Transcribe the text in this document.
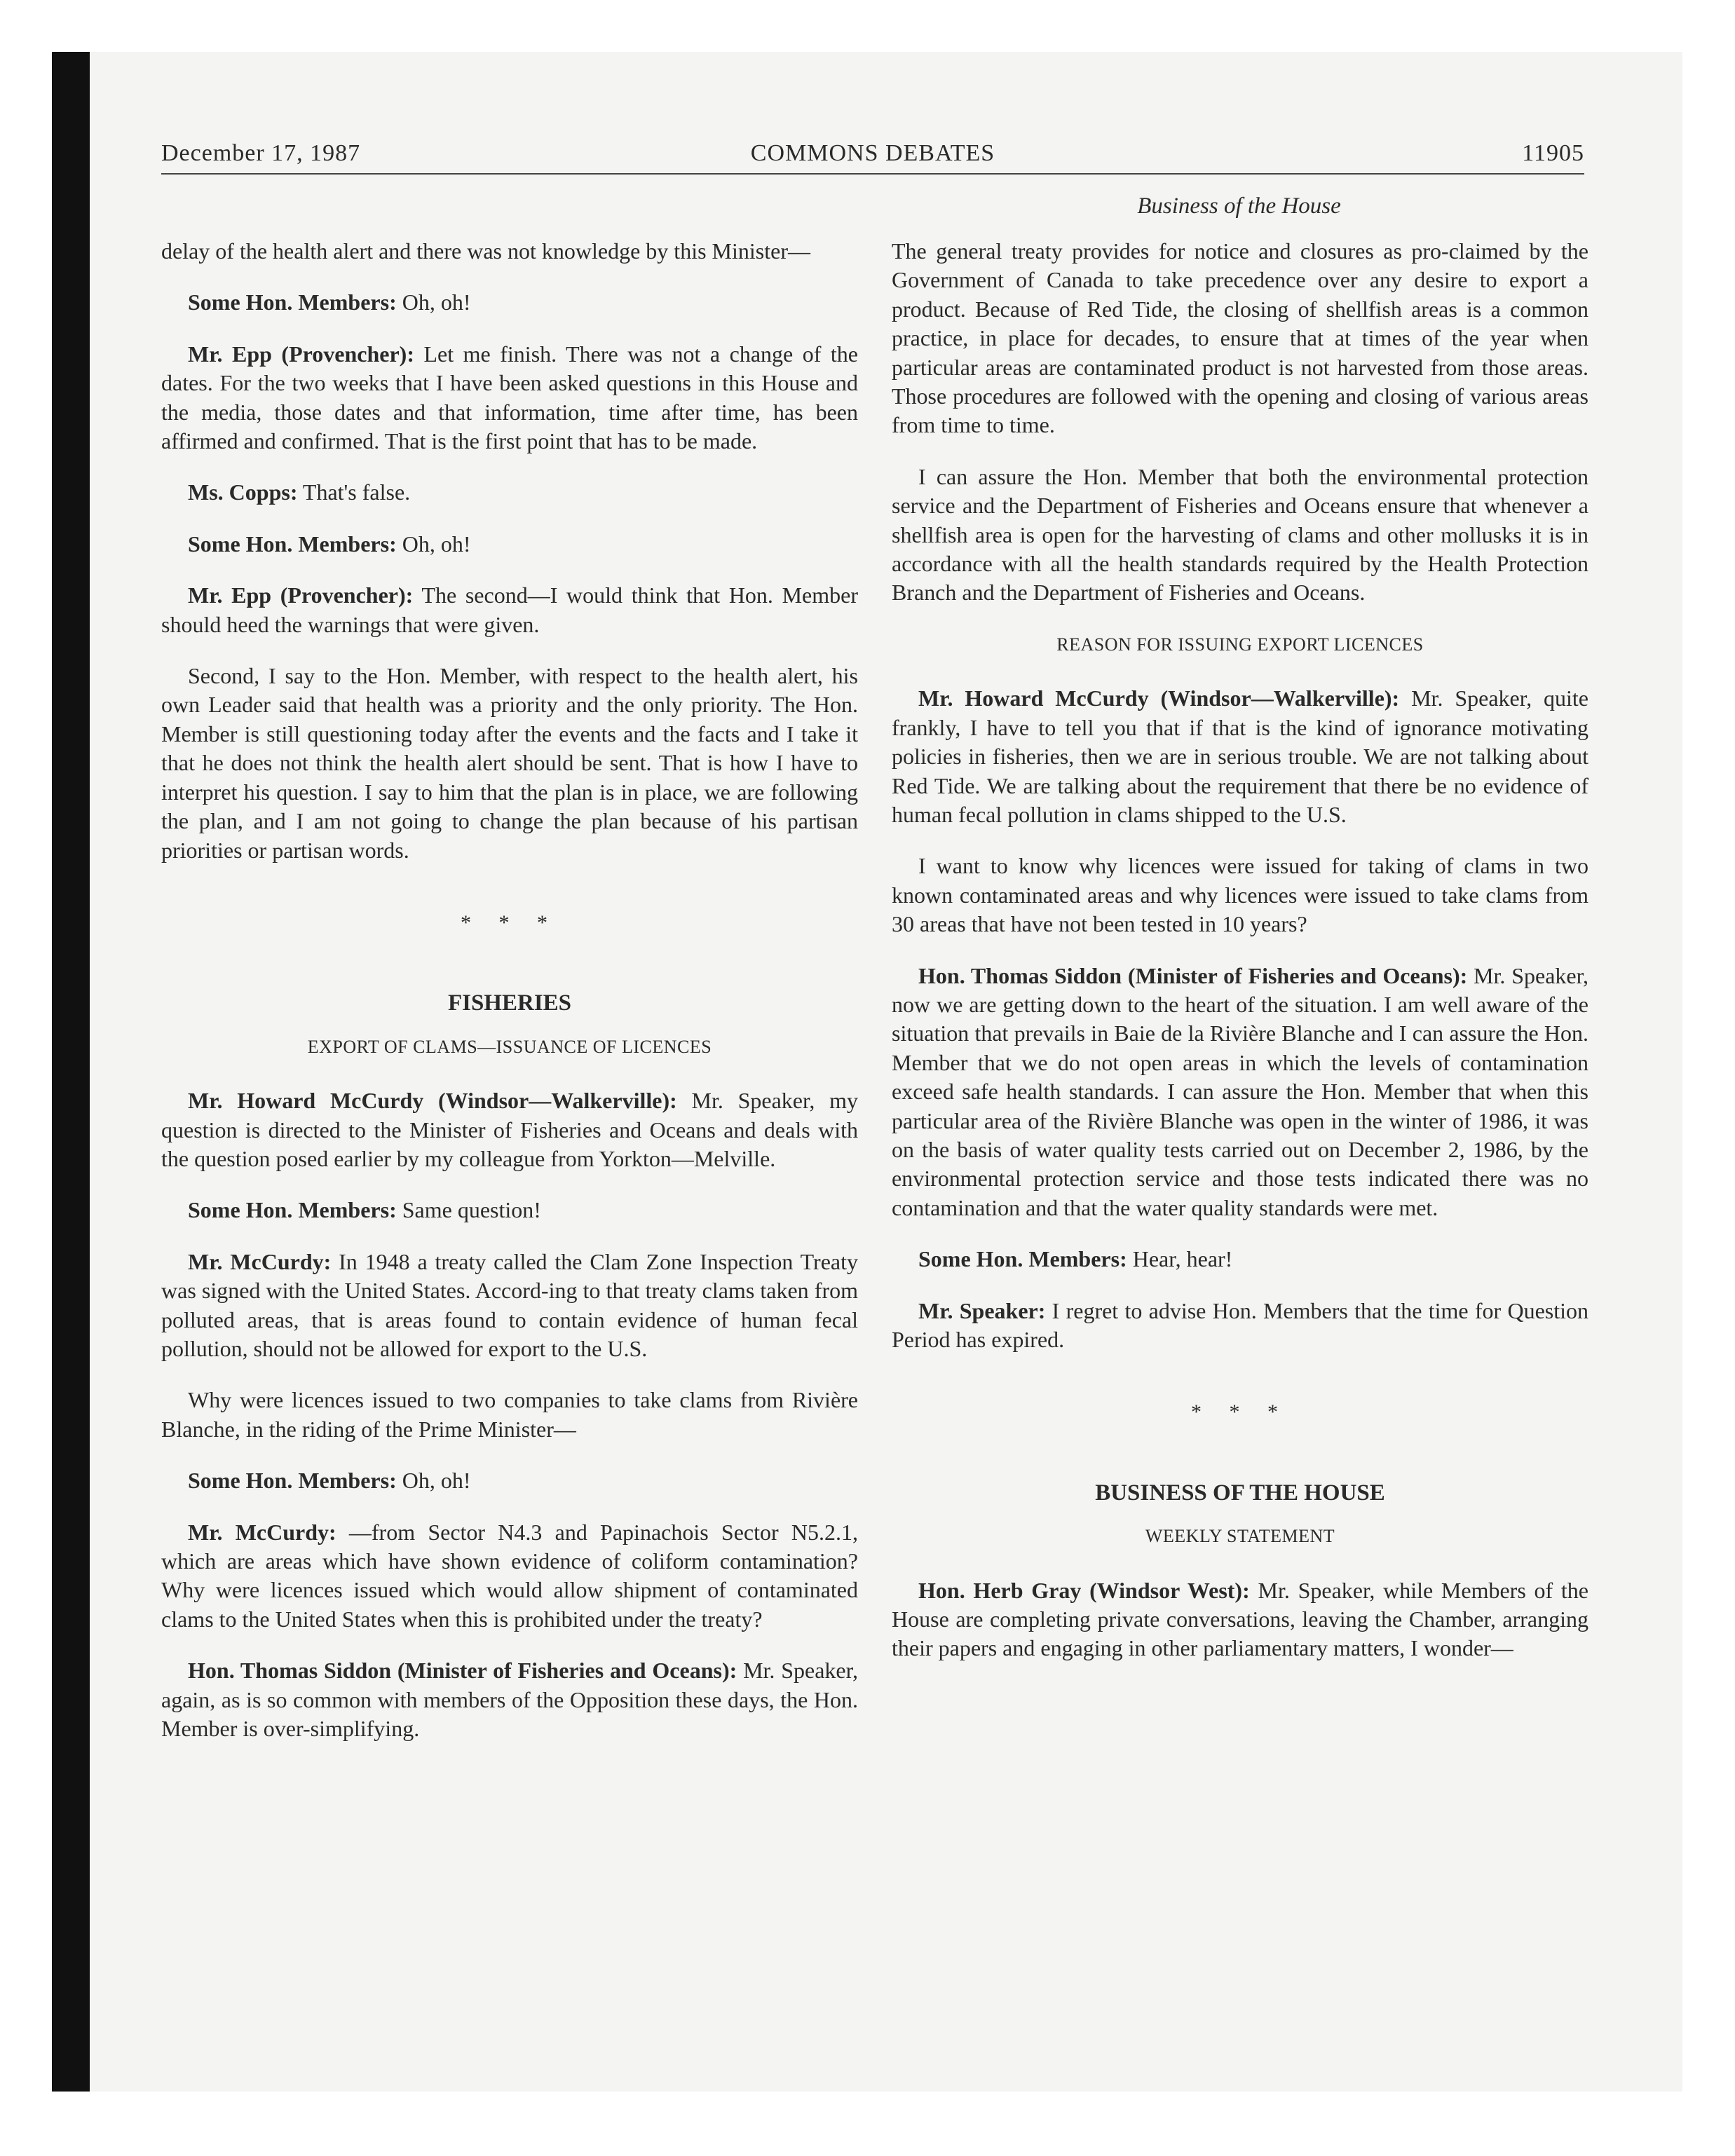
December 17, 1987	COMMONS DEBATES	11905
Business of the House

delay of the health alert and there was not knowledge by this Minister—

Some Hon. Members: Oh, oh!

Mr. Epp (Provencher): Let me finish. There was not a change of the dates. For the two weeks that I have been asked questions in this House and the media, those dates and that information, time after time, has been affirmed and confirmed. That is the first point that has to be made.

Ms. Copps: That's false.

Some Hon. Members: Oh, oh!

Mr. Epp (Provencher): The second—I would think that Hon. Member should heed the warnings that were given.

Second, I say to the Hon. Member, with respect to the health alert, his own Leader said that health was a priority and the only priority. The Hon. Member is still questioning today after the events and the facts and I take it that he does not think the health alert should be sent. That is how I have to interpret his question. I say to him that the plan is in place, we are following the plan, and I am not going to change the plan because of his partisan priorities or partisan words.

* * *
FISHERIES
EXPORT OF CLAMS—ISSUANCE OF LICENCES

Mr. Howard McCurdy (Windsor—Walkerville): Mr. Speaker, my question is directed to the Minister of Fisheries and Oceans and deals with the question posed earlier by my colleague from Yorkton—Melville.

Some Hon. Members: Same question!

Mr. McCurdy: In 1948 a treaty called the Clam Zone Inspection Treaty was signed with the United States. Accord-ing to that treaty clams taken from polluted areas, that is areas found to contain evidence of human fecal pollution, should not be allowed for export to the U.S.

Why were licences issued to two companies to take clams from Rivière Blanche, in the riding of the Prime Minister—

Some Hon. Members: Oh, oh!

Mr. McCurdy: —from Sector N4.3 and Papinachois Sector N5.2.1, which are areas which have shown evidence of coliform contamination? Why were licences issued which would allow shipment of contaminated clams to the United States when this is prohibited under the treaty?

Hon. Thomas Siddon (Minister of Fisheries and Oceans): Mr. Speaker, again, as is so common with members of the Opposition these days, the Hon. Member is over-simplifying.

The general treaty provides for notice and closures as pro-claimed by the Government of Canada to take precedence over any desire to export a product. Because of Red Tide, the closing of shellfish areas is a common practice, in place for decades, to ensure that at times of the year when particular areas are contaminated product is not harvested from those areas. Those procedures are followed with the opening and closing of various areas from time to time.

I can assure the Hon. Member that both the environmental protection service and the Department of Fisheries and Oceans ensure that whenever a shellfish area is open for the harvesting of clams and other mollusks it is in accordance with all the health standards required by the Health Protection Branch and the Department of Fisheries and Oceans.

REASON FOR ISSUING EXPORT LICENCES

Mr. Howard McCurdy (Windsor—Walkerville): Mr. Speaker, quite frankly, I have to tell you that if that is the kind of ignorance motivating policies in fisheries, then we are in serious trouble. We are not talking about Red Tide. We are talking about the requirement that there be no evidence of human fecal pollution in clams shipped to the U.S.

I want to know why licences were issued for taking of clams in two known contaminated areas and why licences were issued to take clams from 30 areas that have not been tested in 10 years?

Hon. Thomas Siddon (Minister of Fisheries and Oceans): Mr. Speaker, now we are getting down to the heart of the situation. I am well aware of the situation that prevails in Baie de la Rivière Blanche and I can assure the Hon. Member that we do not open areas in which the levels of contamination exceed safe health standards. I can assure the Hon. Member that when this particular area of the Rivière Blanche was open in the winter of 1986, it was on the basis of water quality tests carried out on December 2, 1986, by the environmental protection service and those tests indicated there was no contamination and that the water quality standards were met.

Some Hon. Members: Hear, hear!

Mr. Speaker: I regret to advise Hon. Members that the time for Question Period has expired.

* * *
BUSINESS OF THE HOUSE
WEEKLY STATEMENT

Hon. Herb Gray (Windsor West): Mr. Speaker, while Members of the House are completing private conversations, leaving the Chamber, arranging their papers and engaging in other parliamentary matters, I wonder—
